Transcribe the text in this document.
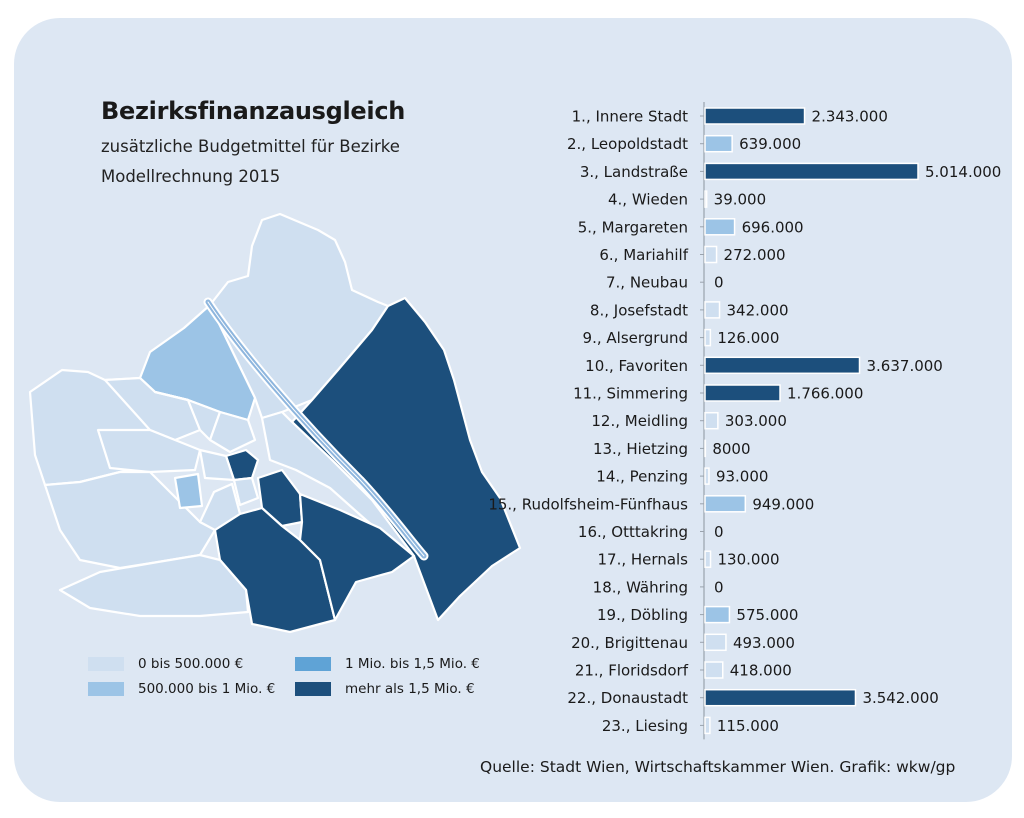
Bezirksfinanzausgleich
zusätzliche Budgetmittel für Bezirke
Modellrechnung 2015
0 bis 500.000 €
500.000 bis 1 Mio. €
1 Mio. bis 1,5 Mio. €
mehr als 1,5 Mio. €
1., Innere Stadt	2.343.000
2., Leopoldstadt	639.000
3., Landstraße	5.014.000
4., Wieden 39.000
5., Margareten	696.000
6., Mariahilf 272.000
7., Neubau 0
8., Josefstadt	342.000
9., Alsergrund 126.000
10., Favoriten	3.637.000
11., Simmering	1.766.000
12., Meidling 303.000
13., Hietzing 8000
14., Penzing 93.000
15., Rudolfsheim-Fünfhaus	949.000
16., Otttakring 0
17., Hernals 130.000
18., Währing 0
19., Döbling	575.000
20., Brigittenau	493.000
21., Floridsdorf	418.000
22., Donaustadt	3.542.000
23., Liesing 115.000
Quelle: Stadt Wien, Wirtschaftskammer Wien. Grafik: wkw/gp
